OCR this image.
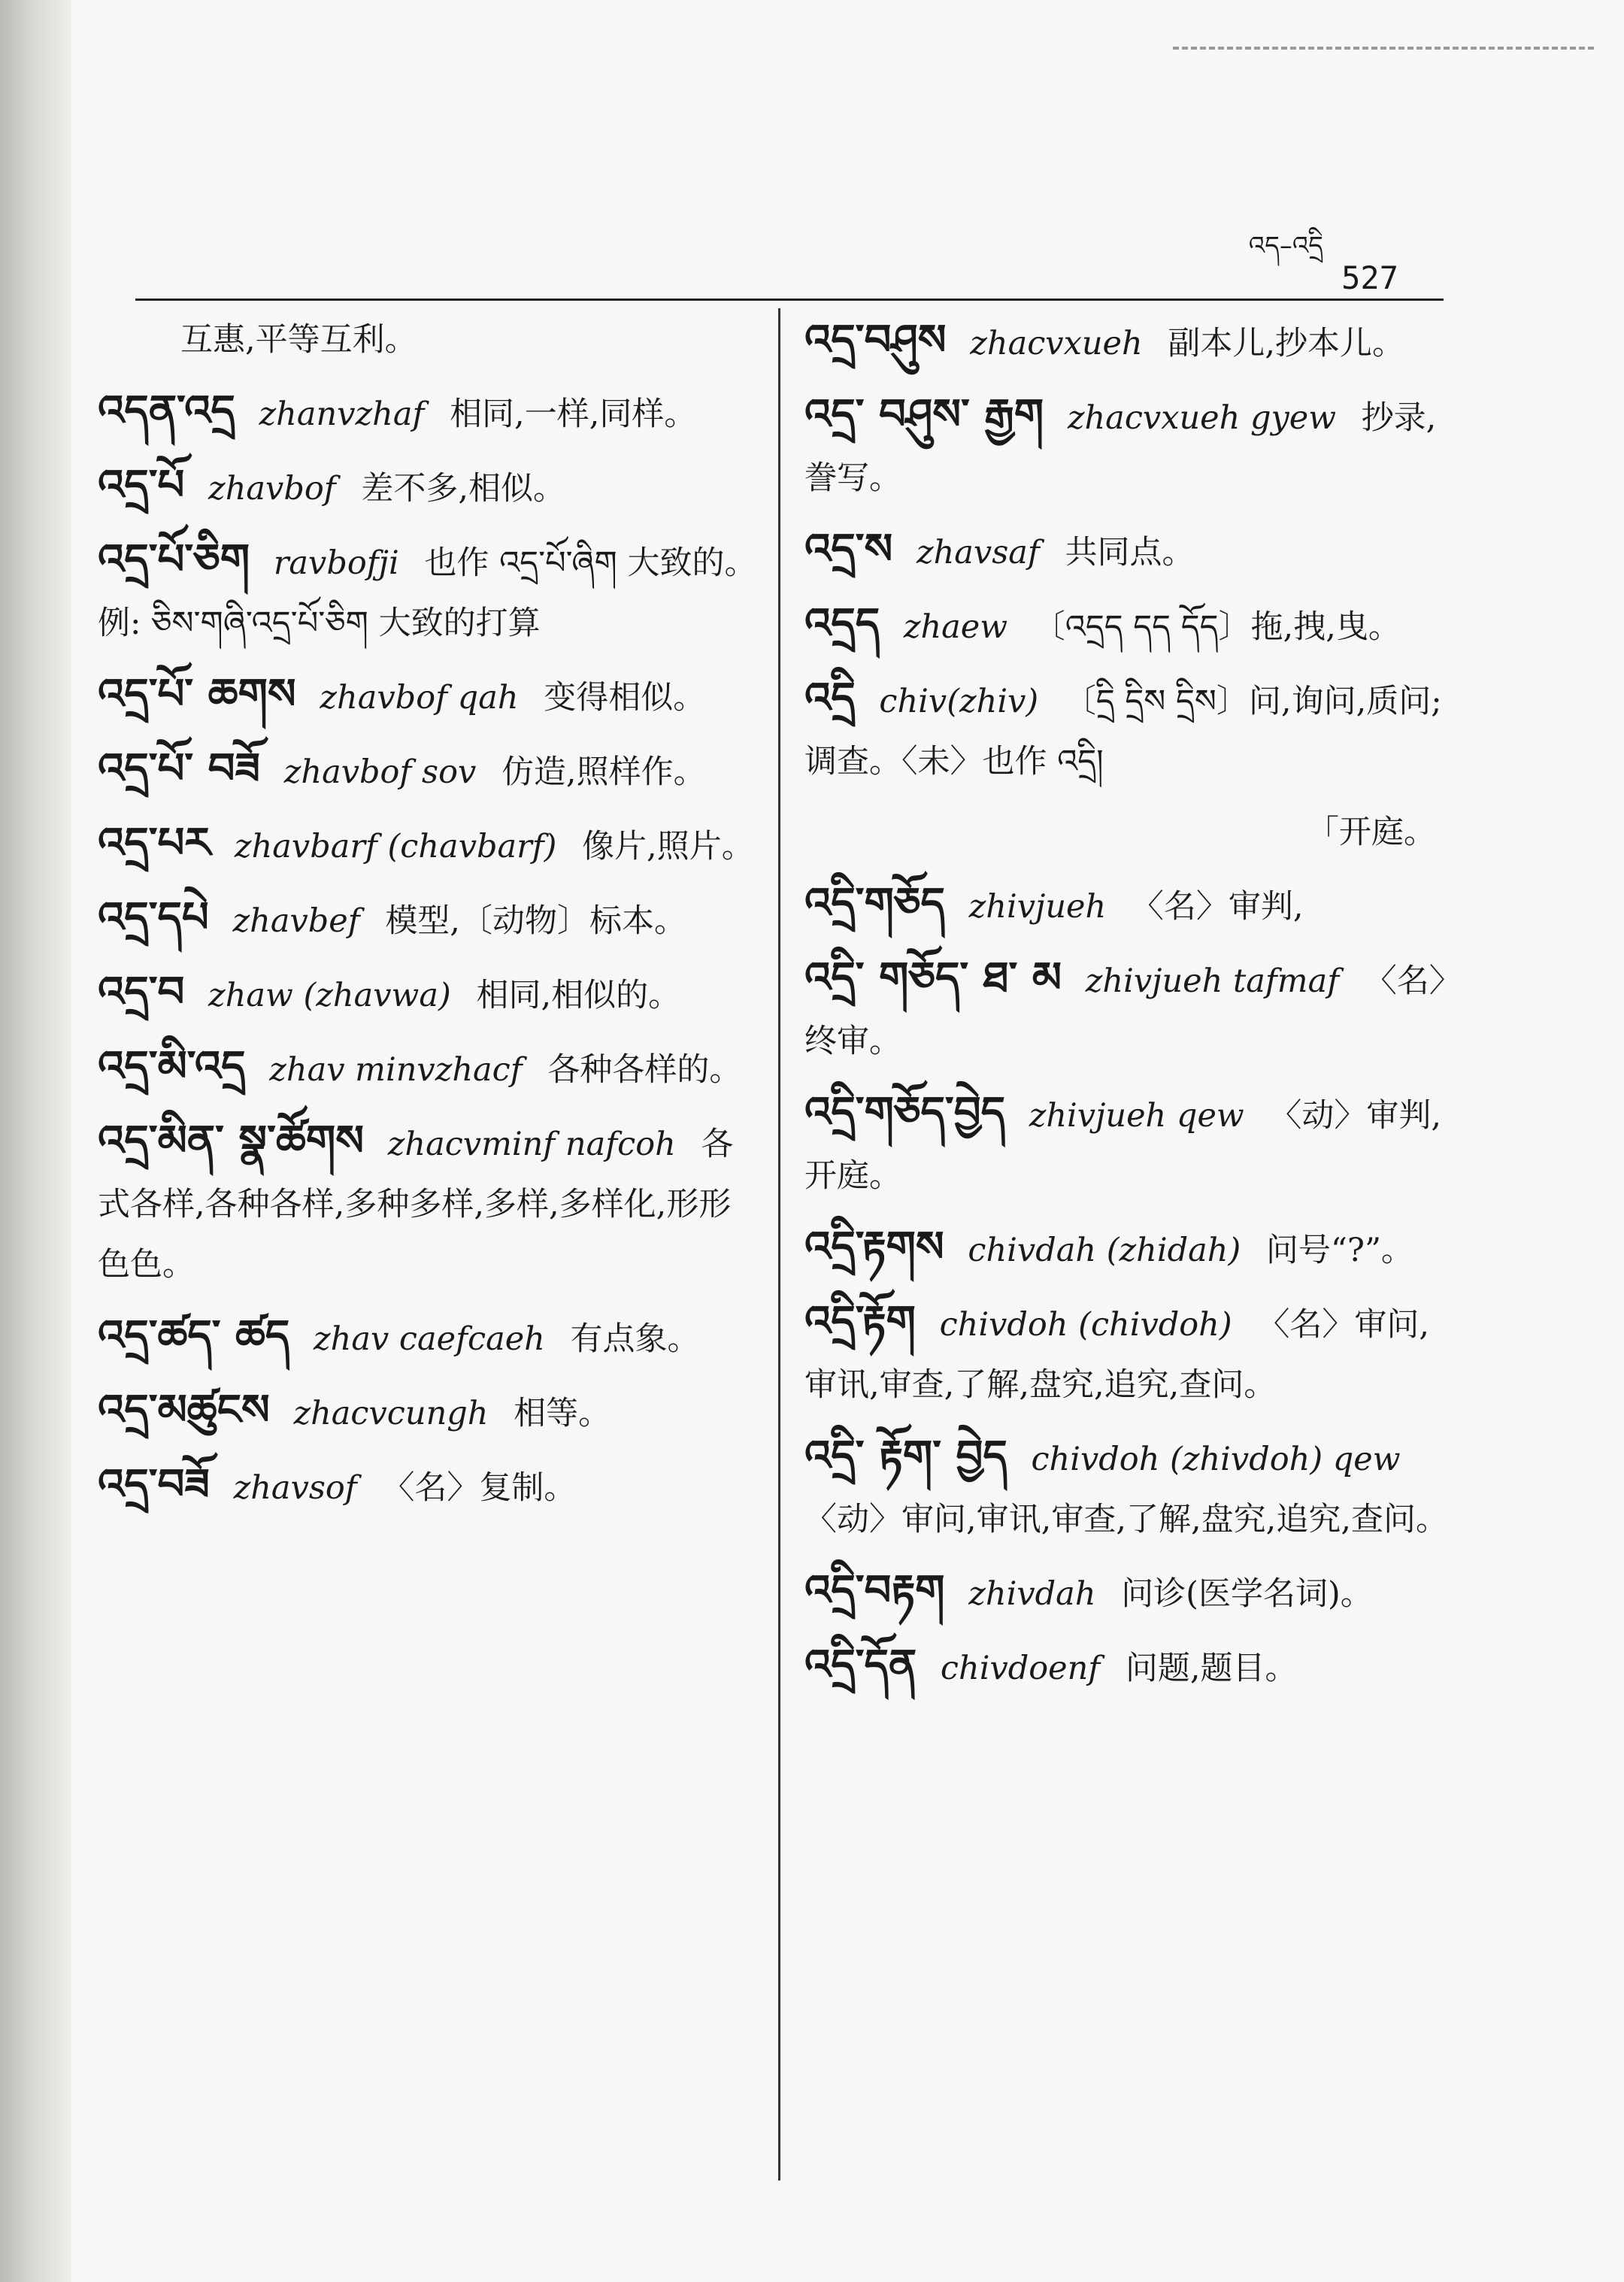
འད–འདྲི
527
互惠,平等互利。
འདན་འདྲ zhanvzhaf 相同,一样,同样。
འདྲ་པོ zhavbof 差不多,相似。
འདྲ་པོ་ཅིག ravbofji 也作 འདྲ་པོ་ཞིག 大致的。例: ཅིས་གཞི་འདྲ་པོ་ཅིག 大致的打算
འདྲ་པོ་ ཆགས zhavbof qah 变得相似。
འདྲ་པོ་ བཟོ zhavbof sov 仿造,照样作。
འདྲ་པར zhavbarf (chavbarf) 像片,照片。
འདྲ་དཔེ zhavbef 模型,〔动物〕标本。
འདྲ་བ zhaw (zhavwa) 相同,相似的。
འདྲ་མི་འདྲ zhav minvzhacf 各种各样的。
འདྲ་མིན་ སྣ་ཚོགས zhacvminf nafcoh 各式各样,各种各样,多种多样,多样,多样化,形形色色。
འདྲ་ཚད་ ཚད zhav caefcaeh 有点象。
འདྲ་མཚུངས zhacvcungh 相等。
འདྲ་བཟོ zhavsof 〈名〉复制。
འདྲ་བཤུས zhacvxueh 副本儿,抄本儿。
འདྲ་ བཤུས་ རྒྱག zhacvxueh gyew 抄录,誊写。
འདྲ་ས zhavsaf 共同点。
འདྲད zhaew 〔འདྲད དད དོད〕拖,拽,曳。
འདྲི chiv(zhiv) 〔དྲི དྲིས དྲིས〕问,询问,质问;调查。〈未〉也作 འདྲི།
「开庭。
འདྲི་གཅོད zhivjueh 〈名〉审判,
འདྲི་ གཅོད་ ཐ་ མ zhivjueh tafmaf 〈名〉终审。
འདྲི་གཅོད་བྱེད zhivjueh qew 〈动〉审判,开庭。
འདྲི་རྟགས chivdah (zhidah) 问号“?”。
འདྲི་རྟོག chivdoh (chivdoh) 〈名〉审问,审讯,审查,了解,盘究,追究,查问。
འདྲི་ རྟོག་ བྱེད chivdoh (zhivdoh) qew 〈动〉审问,审讯,审查,了解,盘究,追究,查问。
འདྲི་བརྟག zhivdah 问诊(医学名词)。
འདྲི་དོན chivdoenf 问题,题目。
